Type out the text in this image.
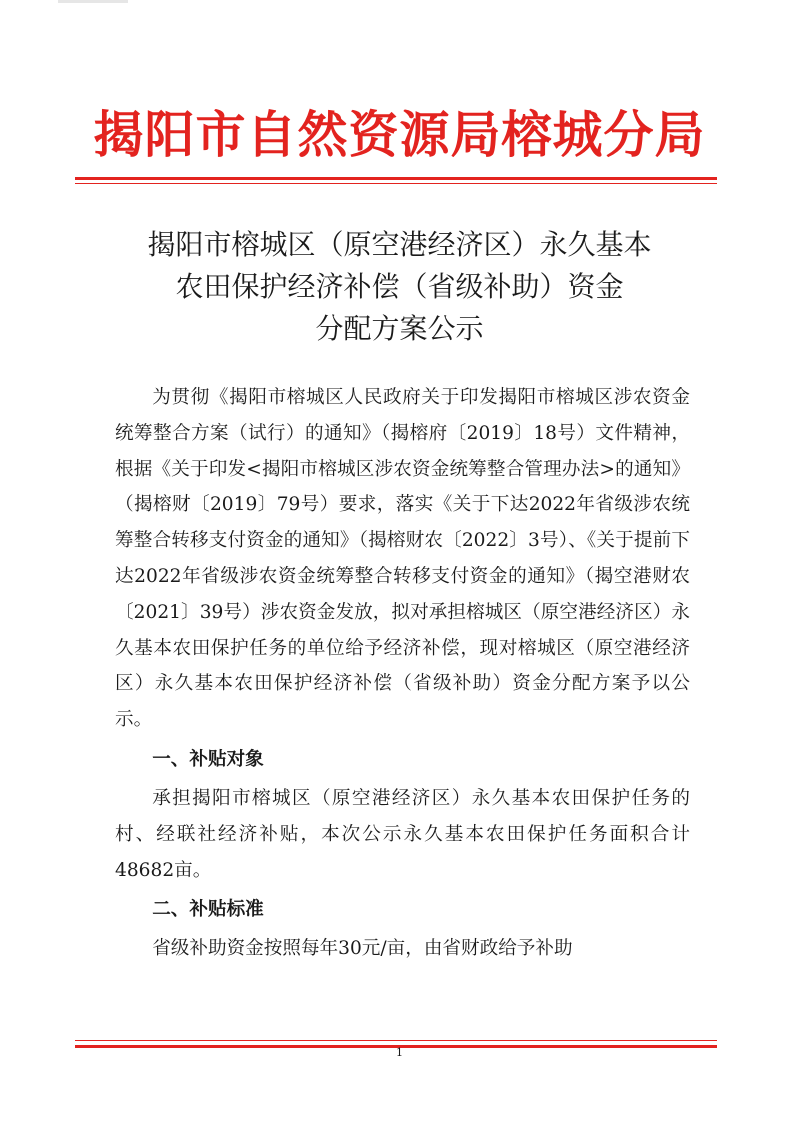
揭阳市自然资源局榕城分局
揭阳市榕城区（原空港经济区）永久基本
农田保护经济补偿（省级补助）资金
分配方案公示

为贯彻《揭阳市榕城区人民政府关于印发揭阳市榕城区涉农资金统筹整合方案（试行）的通知》（揭榕府〔2019〕18号）文件精神，根据《关于印发<揭阳市榕城区涉农资金统筹整合管理办法>的通知》（揭榕财〔2019〕79号）要求，落实《关于下达2022年省级涉农统筹整合转移支付资金的通知》（揭榕财农〔2022〕3号）、《关于提前下达2022年省级涉农资金统筹整合转移支付资金的通知》（揭空港财农〔2021〕39号）涉农资金发放，拟对承担榕城区（原空港经济区）永久基本农田保护任务的单位给予经济补偿，现对榕城区（原空港经济区）永久基本农田保护经济补偿（省级补助）资金分配方案予以公示。

一、补贴对象

承担揭阳市榕城区（原空港经济区）永久基本农田保护任务的村、经联社经济补贴，本次公示永久基本农田保护任务面积合计48682亩。

二、补贴标准

省级补助资金按照每年30元/亩，由省财政给予补助

1
